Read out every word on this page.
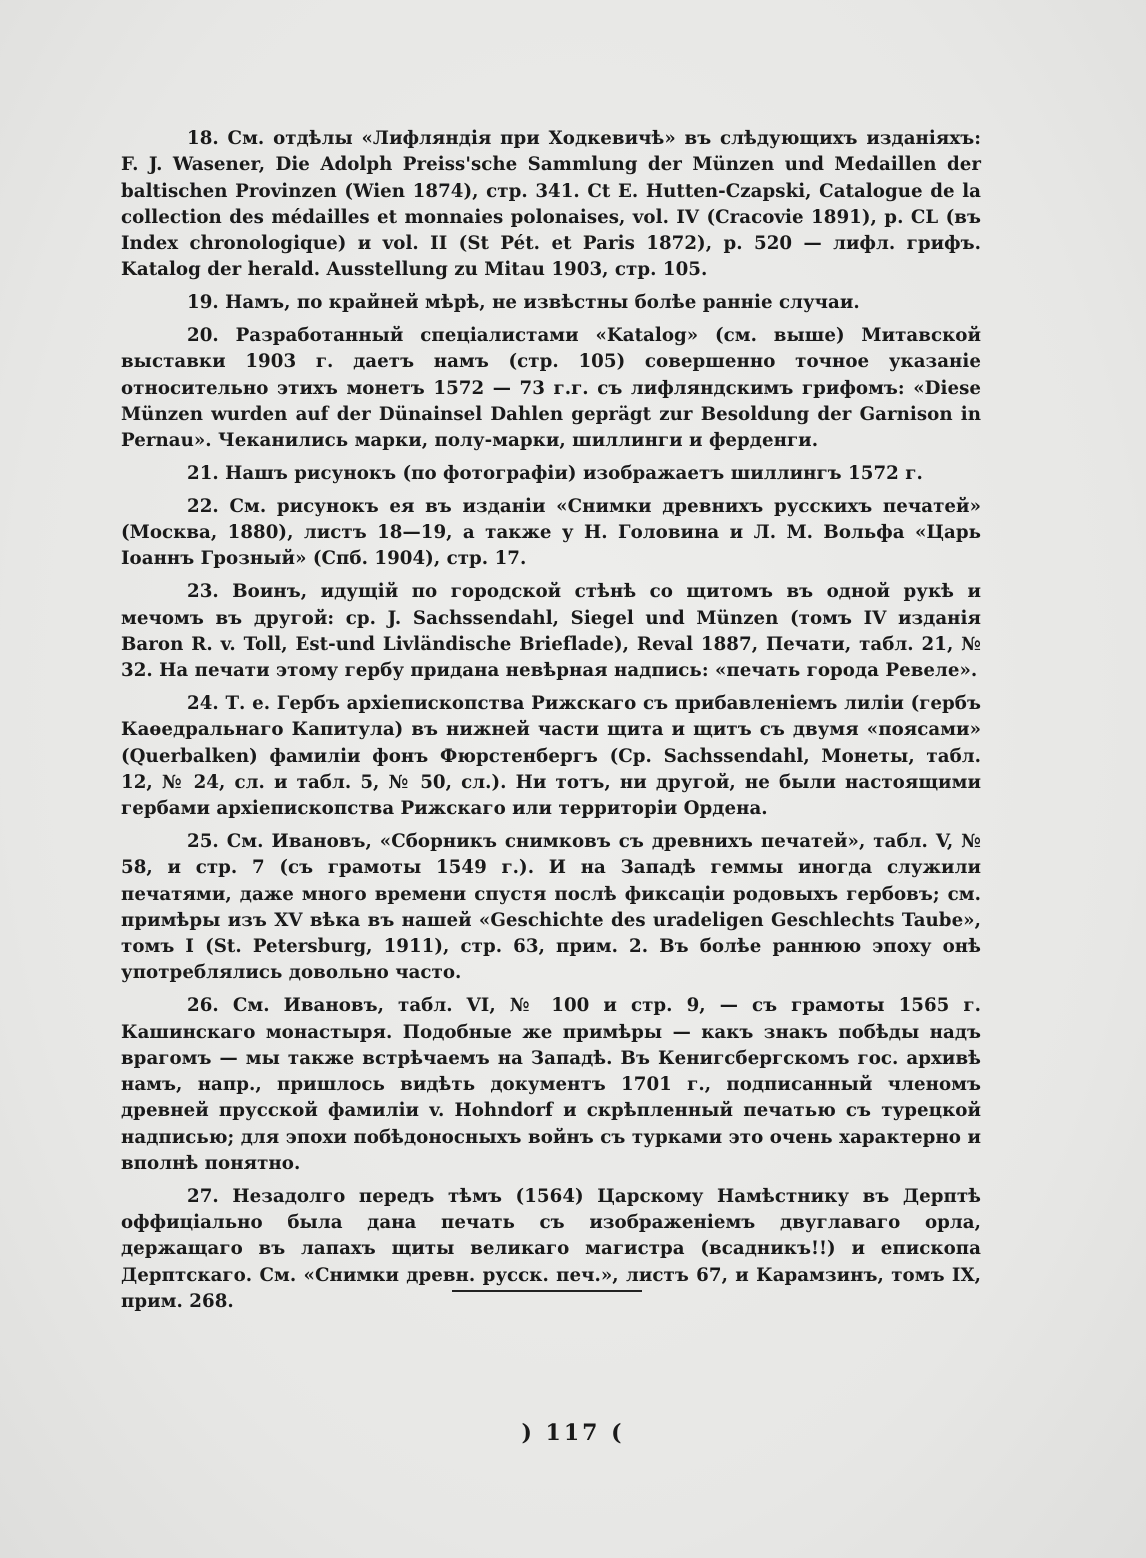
18. См. отдѣлы «Лифляндія при Ходкевичѣ» въ слѣдующихъ изданіяхъ: F. J. Wasener, Die Adolph Preiss'sche Sammlung der Münzen und Medaillen der baltischen Provinzen (Wien 1874), стр. 341. Ct E. Hutten-Czapski, Catalogue de la collection des médailles et monnaies polonaises, vol. IV (Cracovie 1891), p. CL (въ Index chronologique) и vol. II (St Pét. et Paris 1872), p. 520 — лифл. грифъ. Katalog der herald. Ausstellung zu Mitau 1903, стр. 105.

19. Намъ, по крайней мѣрѣ, не извѣстны болѣе ранніе случаи.

20. Разработанный спеціалистами «Katalog» (см. выше) Митавской выставки 1903 г. даетъ намъ (стр. 105) совершенно точное указаніе относительно этихъ монетъ 1572 — 73 г.г. съ лифляндскимъ грифомъ: «Diese Münzen wurden auf der Dünainsel Dahlen geprägt zur Besoldung der Garnison in Pernau». Чеканились марки, полу-марки, шиллинги и ферденги.

21. Нашъ рисунокъ (по фотографіи) изображаетъ шиллингъ 1572 г.

22. См. рисунокъ ея въ изданіи «Снимки древнихъ русскихъ печатей» (Москва, 1880), листъ 18—19, а также у Н. Головина и Л. М. Вольфа «Царь Іоаннъ Грозный» (Спб. 1904), стр. 17.

23. Воинъ, идущій по городской стѣнѣ со щитомъ въ одной рукѣ и мечомъ въ другой: ср. J. Sachssendahl, Siegel und Münzen (томъ IV изданія Baron R. v. Toll, Est-und Livländische Brieflade), Reval 1887, Печати, табл. 21, № 32. На печати этому гербу придана невѣрная надпись: «печать города Ревеле».

24. Т. е. Гербъ архіепископства Рижскаго съ прибавленіемъ лиліи (гербъ Каѳедральнаго Капитула) въ нижней части щита и щитъ съ двумя «поясами» (Querbalken) фамиліи фонъ Фюрстенбергъ (Ср. Sachssendahl, Монеты, табл. 12, № 24, сл. и табл. 5, № 50, сл.). Ни тотъ, ни другой, не были настоящими гербами архіепископства Рижскаго или территоріи Ордена.

25. См. Ивановъ, «Сборникъ снимковъ съ древнихъ печатей», табл. V, № 58, и стр. 7 (съ грамоты 1549 г.). И на Западѣ геммы иногда служили печатями, даже много времени спустя послѣ фиксаціи родовыхъ гербовъ; см. примѣры изъ XV вѣка въ нашей «Geschichte des uradeligen Geschlechts Taube», томъ I (St. Petersburg, 1911), стр. 63, прим. 2. Въ болѣе раннюю эпоху онѣ употреблялись довольно часто.

26. См. Ивановъ, табл. VI, № 100 и стр. 9, — съ грамоты 1565 г. Кашинскаго монастыря. Подобные же примѣры — какъ знакъ побѣды надъ врагомъ — мы также встрѣчаемъ на Западѣ. Въ Кенигсбергскомъ гос. архивѣ намъ, напр., пришлось видѣть документъ 1701 г., подписанный членомъ древней прусской фамиліи v. Hohndorf и скрѣпленный печатью съ турецкой надписью; для эпохи побѣдоносныхъ войнъ съ турками это очень характерно и вполнѣ понятно.

27. Незадолго передъ тѣмъ (1564) Царскому Намѣстнику въ Дерптѣ оффиціально была дана печать съ изображеніемъ двуглаваго орла, держащаго въ лапахъ щиты великаго магистра (всадникъ!!) и епископа Дерптскаго. См. «Снимки древн. русск. печ.», листъ 67, и Карамзинъ, томъ IX, прим. 268.

) 117 (
